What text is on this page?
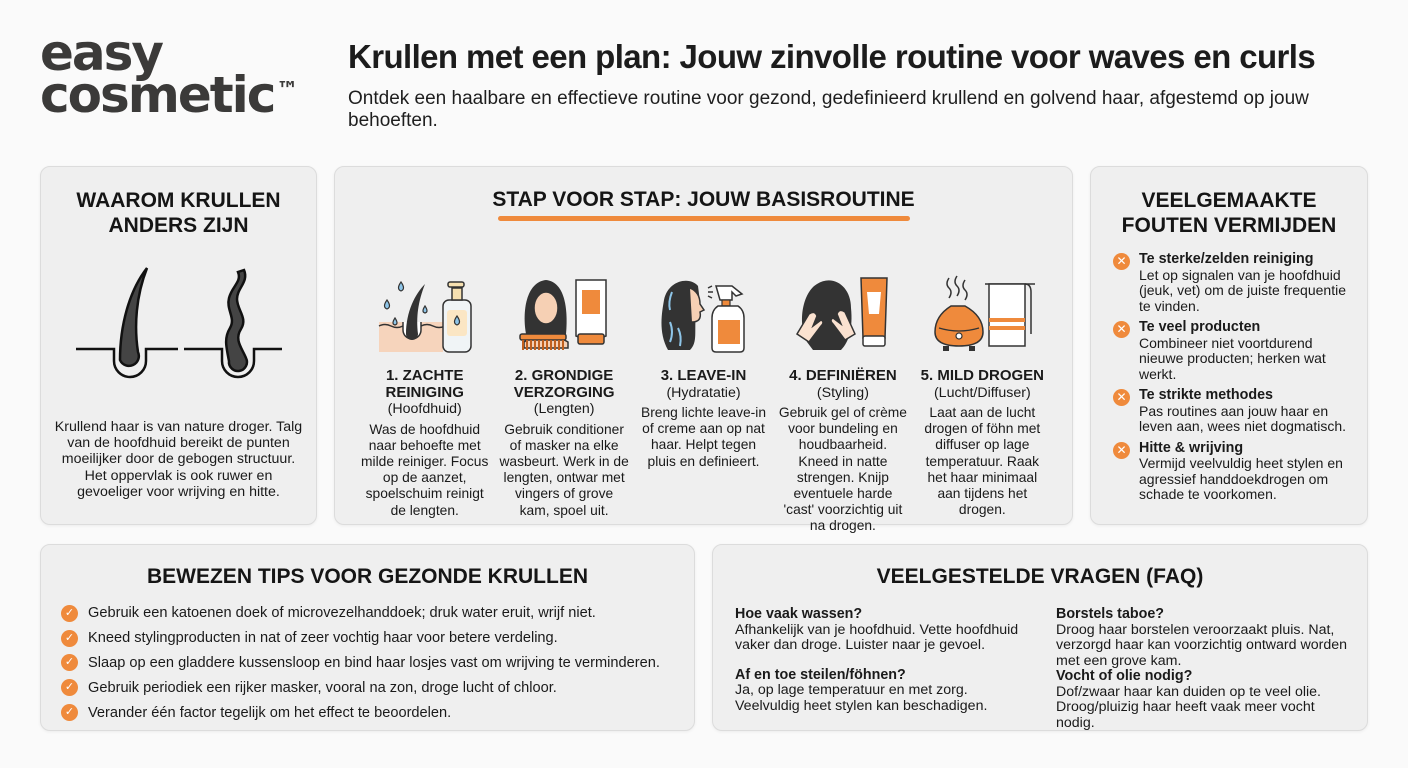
easy
cosmetic™
Krullen met een plan: Jouw zinvolle routine voor waves en curls

Ontdek een haalbare en effectieve routine voor gezond, gedefinieerd krullend en golvend haar, afgestemd op jouw behoeften.

WAAROM KRULLEN
ANDERS ZIJN

Krullend haar is van nature droger. Talg van de hoofdhuid bereikt de punten moeilijker door de gebogen structuur. Het oppervlak is ook ruwer en gevoeliger voor wrijving en hitte.

STAP VOOR STAP: JOUW BASISROUTINE
1. ZACHTE REINIGING
(Hoofdhuid)
Was de hoofdhuid naar behoefte met milde reiniger. Focus op de aanzet, spoelschuim reinigt de lengten.
2. GRONDIGE VERZORGING
(Lengten)
Gebruik conditioner of masker na elke wasbeurt. Werk in de lengten, ontwar met vingers of grove kam, spoel uit.
3. LEAVE-IN
(Hydratatie)
Breng lichte leave-in of creme aan op nat haar. Helpt tegen pluis en definieert.
4. DEFINIËREN
(Styling)
Gebruik gel of crème voor bundeling en houdbaarheid. Kneed in natte strengen. Knijp eventuele harde 'cast' voorzichtig uit na drogen.
5. MILD DROGEN
(Lucht/Diffuser)
Laat aan de lucht drogen of föhn met diffuser op lage temperatuur. Raak het haar minimaal aan tijdens het drogen.
VEELGEMAAKTE
FOUTEN VERMIJDEN
✕ Te sterke/zelden reiniging
Let op signalen van je hoofdhuid (jeuk, vet) om de juiste frequentie te vinden.
✕ Te veel producten
Combineer niet voortdurend nieuwe producten; herken wat werkt.
✕ Te strikte methodes
Pas routines aan jouw haar en leven aan, wees niet dogmatisch.
✕ Hitte & wrijving
Vermijd veelvuldig heet stylen en agressief handdoekdrogen om schade te voorkomen.
BEWEZEN TIPS VOOR GEZONDE KRULLEN
✓ Gebruik een katoenen doek of microvezelhanddoek; druk water eruit, wrijf niet.
✓ Kneed stylingproducten in nat of zeer vochtig haar voor betere verdeling.
✓ Slaap op een gladdere kussensloop en bind haar losjes vast om wrijving te verminderen.
✓ Gebruik periodiek een rijker masker, vooral na zon, droge lucht of chloor.
✓ Verander één factor tegelijk om het effect te beoordelen.
VEELGESTELDE VRAGEN (FAQ)
Hoe vaak wassen?
Afhankelijk van je hoofdhuid. Vette hoofdhuid vaker dan droge. Luister naar je gevoel.
Af en toe steilen/föhnen?
Ja, op lage temperatuur en met zorg. Veelvuldig heet stylen kan beschadigen.
Borstels taboe?
Droog haar borstelen veroorzaakt pluis. Nat, verzorgd haar kan voorzichtig ontward worden met een grove kam.
Vocht of olie nodig?
Dof/zwaar haar kan duiden op te veel olie. Droog/pluizig haar heeft vaak meer vocht nodig.
